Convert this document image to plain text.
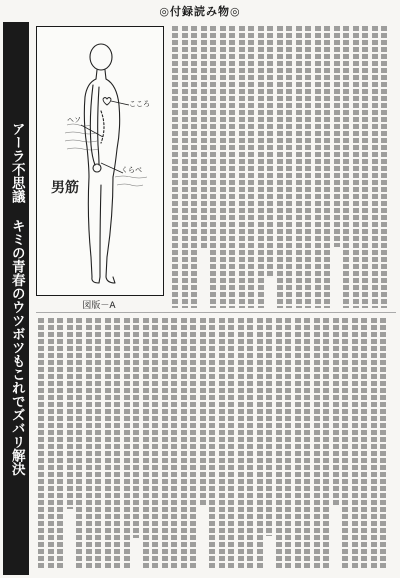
◎付録読み物◎
アーラ不思議 キミの青春のウツボツもこれでズバリ解決
こころ
ヘソ
くらべ
男筋
図版－A
